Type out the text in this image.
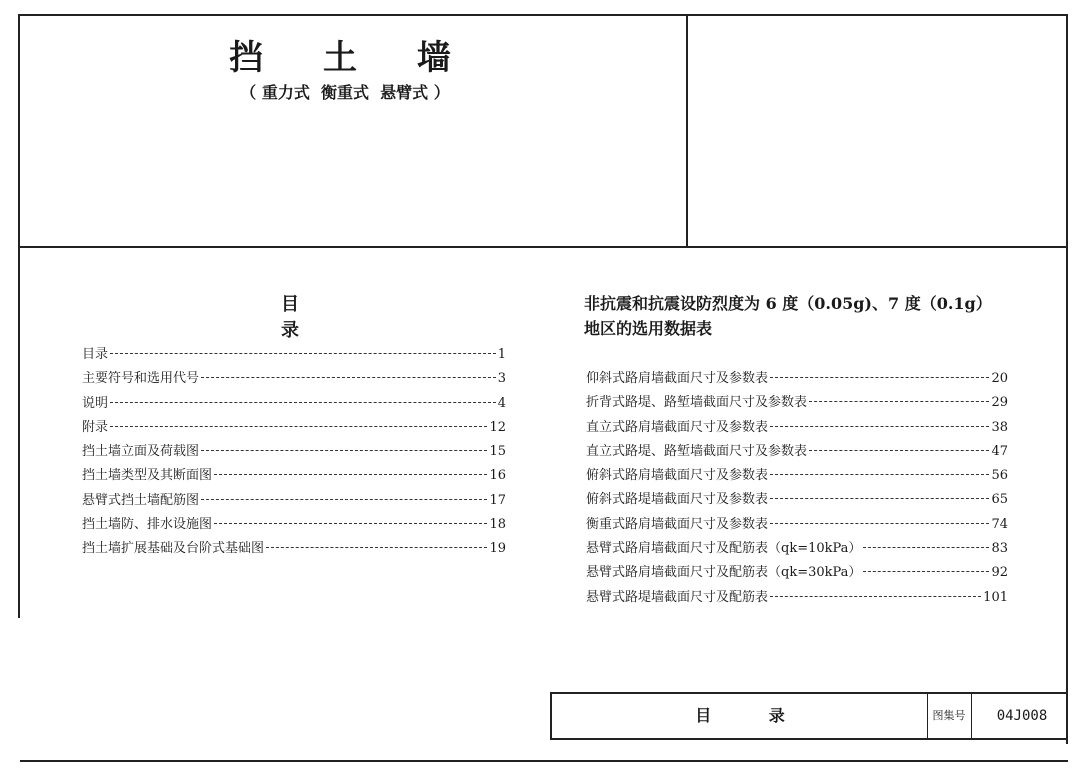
挡 土 墙
（ 重力式  衡重式  悬臂式 ）
目 录
目录	1
主要符号和选用代号	3
说明	4
附录	12
挡土墙立面及荷载图	15
挡土墙类型及其断面图	16
悬臂式挡土墙配筋图	17
挡土墙防、排水设施图	18
挡土墙扩展基础及台阶式基础图	19
非抗震和抗震设防烈度为 6 度（0.05g)、7 度（0.1g）
地区的选用数据表
仰斜式路肩墙截面尺寸及参数表	20
折背式路堤、路堑墙截面尺寸及参数表	29
直立式路肩墙截面尺寸及参数表	38
直立式路堤、路堑墙截面尺寸及参数表	47
俯斜式路肩墙截面尺寸及参数表	56
俯斜式路堤墙截面尺寸及参数表	65
衡重式路肩墙截面尺寸及参数表	74
悬臂式路肩墙截面尺寸及配筋表（qk=10kPa）	83
悬臂式路肩墙截面尺寸及配筋表（qk=30kPa）	92
悬臂式路堤墙截面尺寸及配筋表	101
目 录	图集号	04J008
